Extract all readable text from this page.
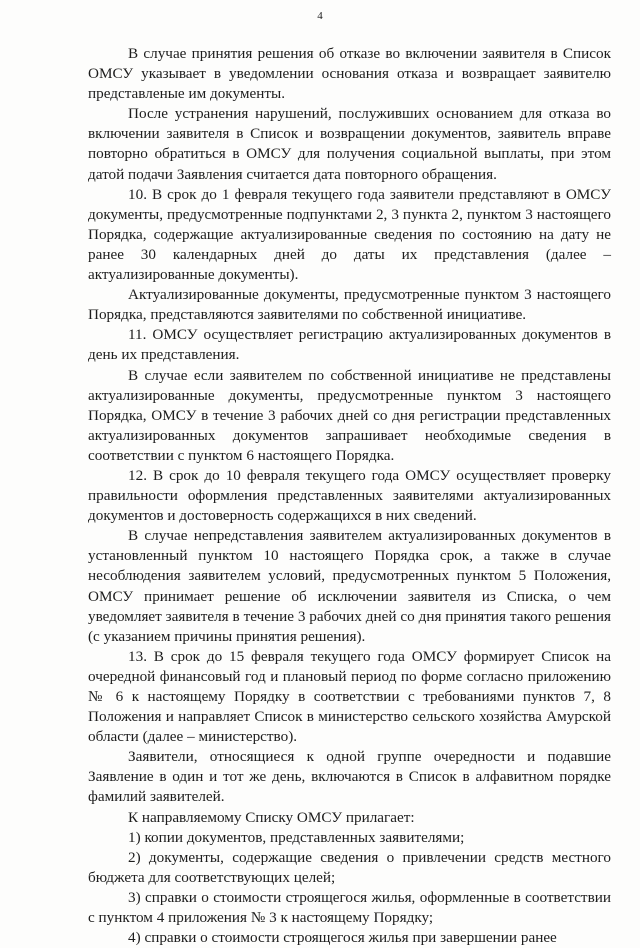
4

В случае принятия решения об отказе во включении заявителя в Список ОМСУ указывает в уведомлении основания отказа и возвращает заявителю представленые им документы.

После устранения нарушений, послуживших основанием для отказа во включении заявителя в Список и возвращении документов, заявитель вправе повторно обратиться в ОМСУ для получения социальной выплаты, при этом датой подачи Заявления считается дата повторного обращения.

10. В срок до 1 февраля текущего года заявители представляют в ОМСУ документы, предусмотренные подпунктами 2, 3 пункта 2, пунктом 3 настоящего Порядка, содержащие актуализированные сведения по состоянию на дату не ранее 30 календарных дней до даты их представления (далее – актуализированные документы).

Актуализированные документы, предусмотренные пунктом 3 настоящего Порядка, представляются заявителями по собственной инициативе.

11. ОМСУ осуществляет регистрацию актуализированных документов в день их представления.

В случае если заявителем по собственной инициативе не представлены актуализированные документы, предусмотренные пунктом 3 настоящего Порядка, ОМСУ в течение 3 рабочих дней со дня регистрации представленных актуализированных документов запрашивает необходимые сведения в соответствии с пунктом 6 настоящего Порядка.

12. В срок до 10 февраля текущего года ОМСУ осуществляет проверку правильности оформления представленных заявителями актуализированных документов и достоверность содержащихся в них сведений.

В случае непредставления заявителем актуализированных документов в установленный пунктом 10 настоящего Порядка срок, а также в случае несоблюдения заявителем условий, предусмотренных пунктом 5 Положения, ОМСУ принимает решение об исключении заявителя из Списка, о чем уведомляет заявителя в течение 3 рабочих дней со дня принятия такого решения (с указанием причины принятия решения).

13. В срок до 15 февраля текущего года ОМСУ формирует Список на очередной финансовый год и плановый период по форме согласно приложению № 6 к настоящему Порядку в соответствии с требованиями пунктов 7, 8 Положения и направляет Список в министерство сельского хозяйства Амурской области (далее – министерство).

Заявители, относящиеся к одной группе очередности и подавшие Заявление в один и тот же день, включаются в Список в алфавитном порядке фамилий заявителей.

К направляемому Списку ОМСУ прилагает:

1) копии документов, представленных заявителями;

2) документы, содержащие сведения о привлечении средств местного бюджета для соответствующих целей;

3) справки о стоимости строящегося жилья, оформленные в соответствии с пунктом 4 приложения № 3 к настоящему Порядку;

4) справки о стоимости строящегося жилья при завершении ранее
